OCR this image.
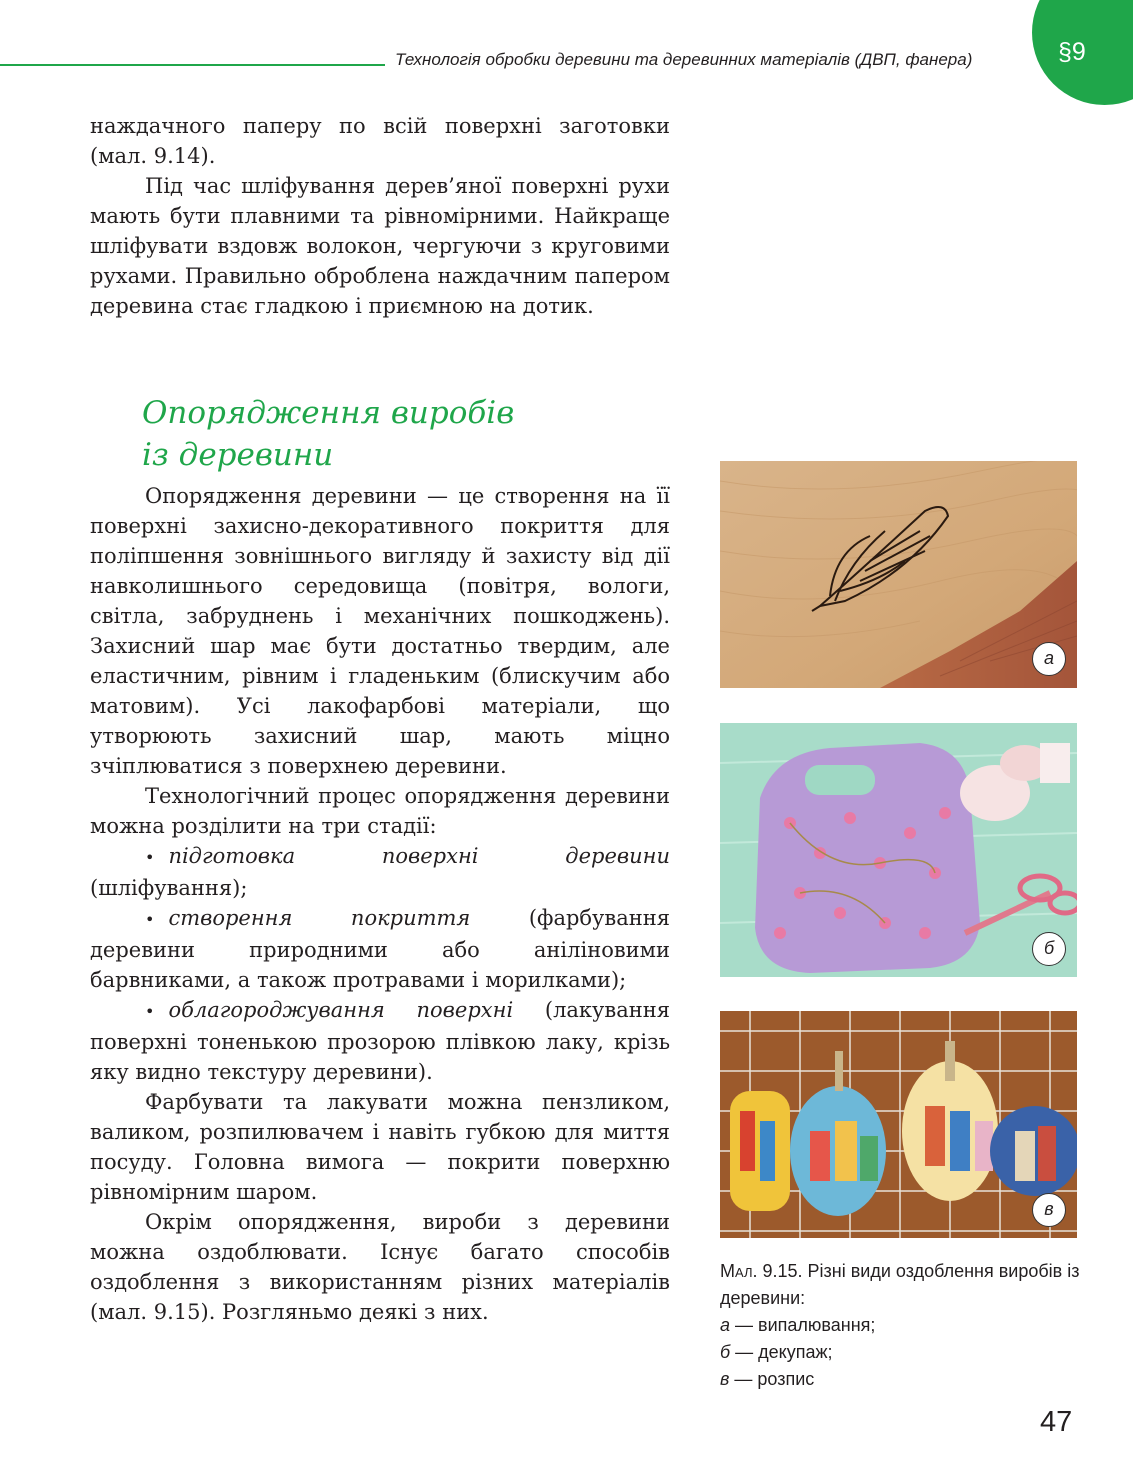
Технологія обробки деревини та деревинних матеріалів (ДВП, фанера)	§9

наждачного паперу по всій поверхні заготовки (мал. 9.14).

Під час шліфування дерев’яної поверхні рухи мають бути плавними та рівномірними. Найкраще шліфувати вздовж волокон, чергуючи з круговими рухами. Правильно оброблена наждачним папером деревина стає гладкою і приємною на дотик.

Опорядження виробів
із деревини

Опорядження деревини — це створення на її поверхні захисно-декоративного покриття для поліпшення зовнішнього вигляду й захисту від дії навколишнього середовища (повітря, вологи, світла, забруднень і механічних пошкоджень). Захисний шар має бути достатньо твердим, але еластичним, рівним і гладеньким (блискучим або матовим). Усі лакофарбові матеріали, що утворюють захисний шар, мають міцно зчіплюватися з поверхнею деревини.

Технологічний процес опорядження деревини можна розділити на три стадії:

• підготовка поверхні деревини (шліфування);

• створення покриття (фарбування деревини природними або аніліновими барвниками, а також протравами і морилками);

• облагороджування поверхні (лакування поверхні тоненькою прозорою плівкою лаку, крізь яку видно текстуру деревини).

Фарбувати та лакувати можна пензликом, валиком, розпилювачем і навіть губкою для миття посуду. Головна вимога — покрити поверхню рівномірним шаром.

Окрім опорядження, вироби з деревини можна оздоблювати. Існує багато способів оздоблення з використанням різних матеріалів (мал. 9.15). Розгляньмо деякі з них.

а
б
в
Мал. 9.15. Різні види оздоблення виробів із деревини:
а — випалювання;
б — декупаж;
в — розпис
47
